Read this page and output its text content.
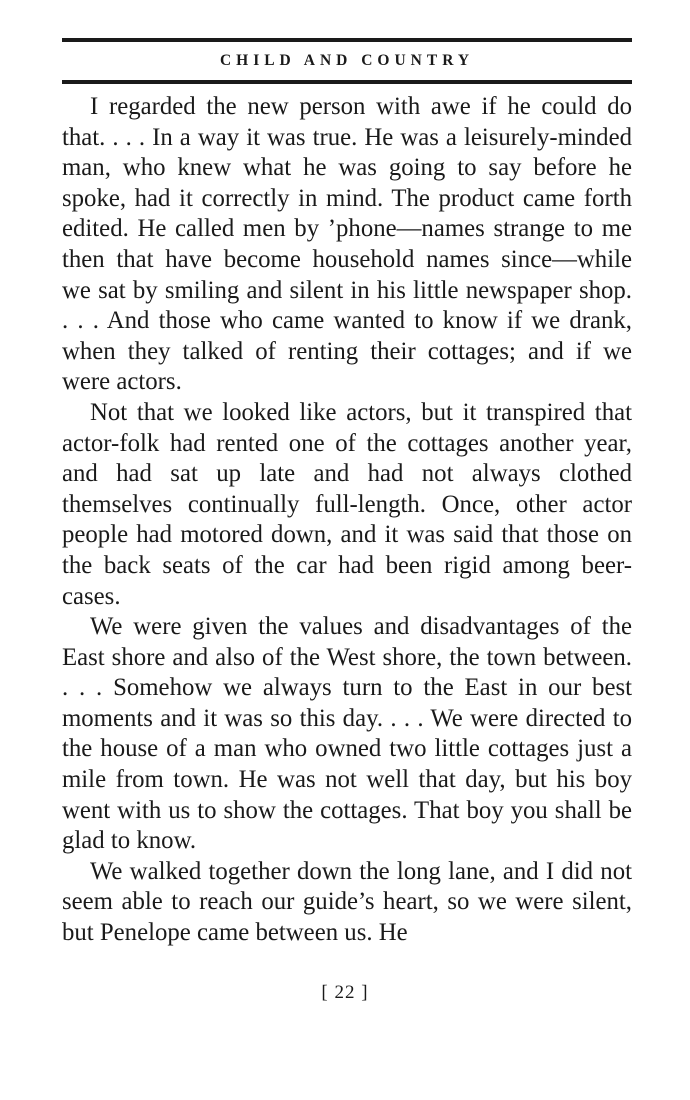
CHILD AND COUNTRY

I regarded the new person with awe if he could do that. . . . In a way it was true. He was a leisurely-minded man, who knew what he was going to say before he spoke, had it correctly in mind. The product came forth edited. He called men by ’phone—names strange to me then that have become household names since—while we sat by smiling and silent in his little newspaper shop. . . . And those who came wanted to know if we drank, when they talked of renting their cottages; and if we were actors.

Not that we looked like actors, but it transpired that actor-folk had rented one of the cottages another year, and had sat up late and had not always clothed themselves continually full-length. Once, other actor people had motored down, and it was said that those on the back seats of the car had been rigid among beer-cases.

We were given the values and disadvantages of the East shore and also of the West shore, the town between. . . . Somehow we always turn to the East in our best moments and it was so this day. . . . We were directed to the house of a man who owned two little cottages just a mile from town. He was not well that day, but his boy went with us to show the cottages. That boy you shall be glad to know.

We walked together down the long lane, and I did not seem able to reach our guide’s heart, so we were silent, but Penelope came between us. He

[ 22 ]
